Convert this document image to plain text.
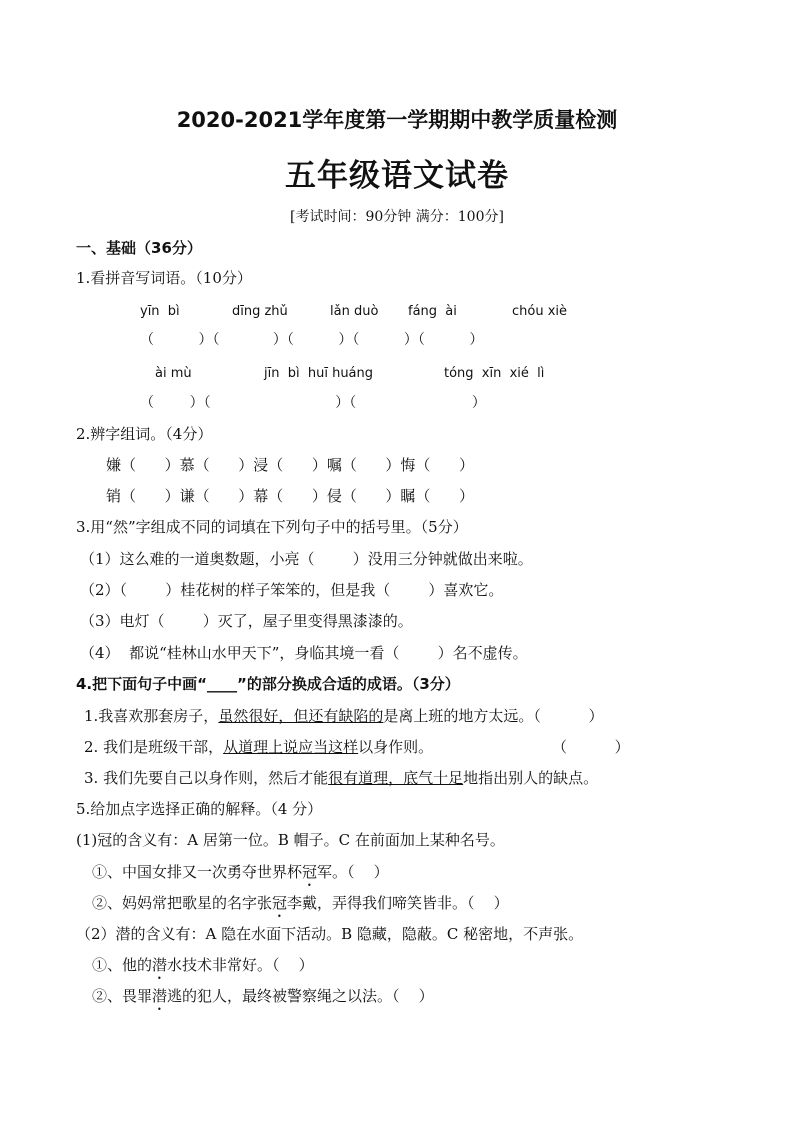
2020-2021学年度第一学期期中教学质量检测
五年级语文试卷
[考试时间：90分钟 满分：100分]
一、基础（36分）
1.看拼音写词语。（10分）
yīn  bì	dīng zhǔ	lǎn duò fáng  ài	chóu xiè
（          ）（            ）（          ）（          ）（          ）
ài mù	jīn  bì  huī huáng	tóng  xīn  xié  lì
（        ）（                            ）（                          ）
2.辨字组词。（4分）
嫌（      ）慕（      ）浸（      ）嘱（      ）悔（      ）
销（      ）谦（      ）幕（      ）侵（      ）瞩（      ）
3.用“然”字组成不同的词填在下列句子中的括号里。（5分）
（1）这么难的一道奥数题，小亮（        ）没用三分钟就做出来啦。
（2）（        ）桂花树的样子笨笨的，但是我（        ）喜欢它。
（3）电灯（        ）灭了，屋子里变得黑漆漆的。
（4）  都说“桂林山水甲天下”，身临其境一看（        ）名不虚传。
4.把下面句子中画“____”的部分换成合适的成语。（3分）
1.我喜欢那套房子，虽然很好，但还有缺陷的是离上班的地方太远。（          ）
2. 我们是班级干部，从道理上说应当这样以身作则。	（          ）
3. 我们先要自己以身作则，然后才能很有道理，底气十足地指出别人的缺点。
5.给加点字选择正确的解释。（4 分）
(1)冠的含义有：A 居第一位。B 帽子。C 在前面加上某种名号。
①、中国女排又一次勇夺世界杯冠军。（    ）
②、妈妈常把歌星的名字张冠李戴，弄得我们啼笑皆非。（    ）
（2）潜的含义有：A 隐在水面下活动。B 隐藏，隐蔽。C 秘密地，不声张。
①、他的潜水技术非常好。（    ）
②、畏罪潜逃的犯人，最终被警察绳之以法。（    ）
